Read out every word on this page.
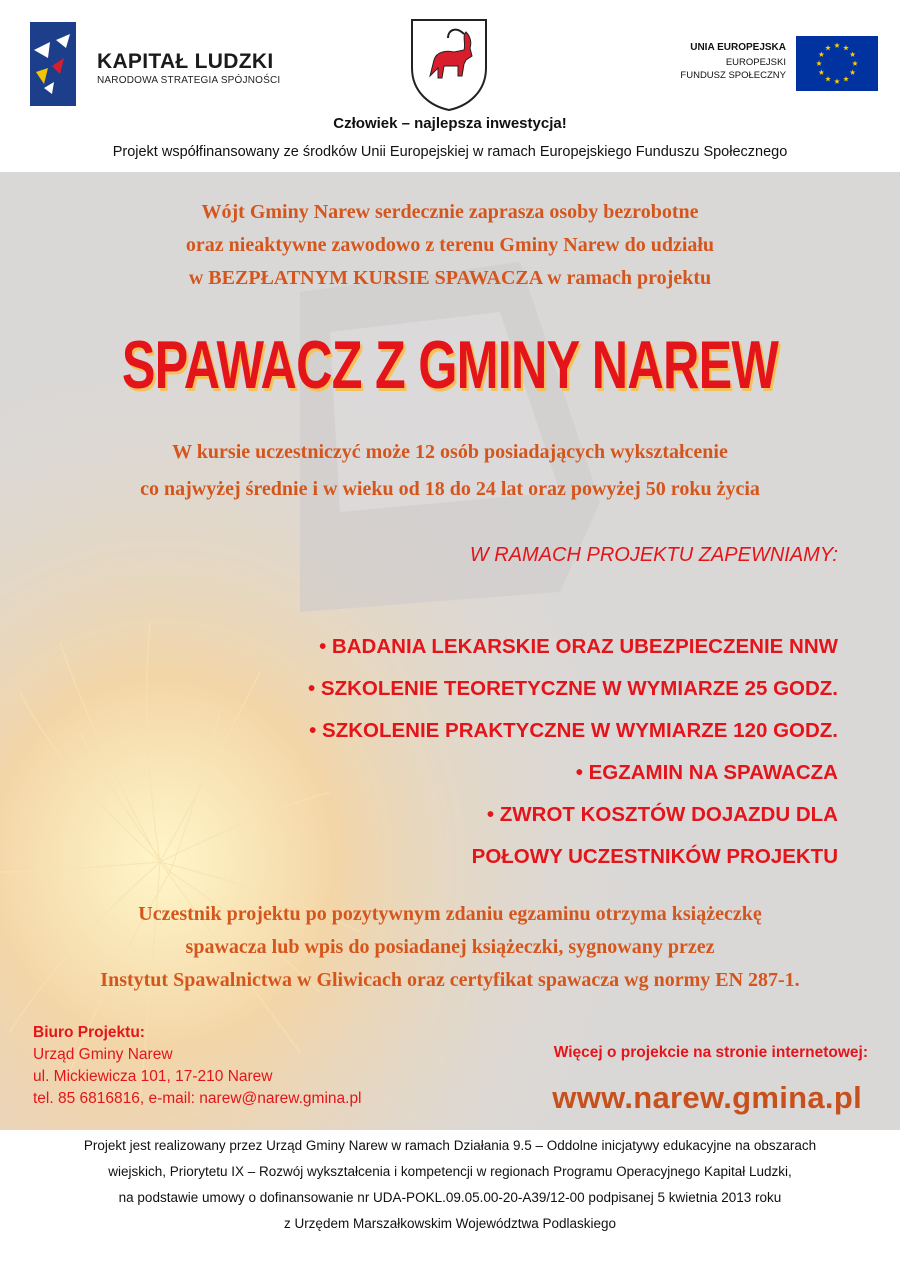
KAPITAŁ LUDZKI
NARODOWA STRATEGIA SPÓJNOŚCI
UNIA EUROPEJSKA
EUROPEJSKI
FUNDUSZ SPOŁECZNY
Człowiek – najlepsza inwestycja!
Projekt współfinansowany ze środków Unii Europejskiej w ramach Europejskiego Funduszu Społecznego
Wójt Gminy Narew serdecznie zaprasza osoby bezrobotne
oraz nieaktywne zawodowo z terenu Gminy Narew do udziału
w BEZPŁATNYM KURSIE SPAWACZA w ramach projektu
SPAWACZ Z GMINY NAREW
W kursie uczestniczyć może 12 osób posiadających wykształcenie
co najwyżej średnie i w wieku od 18 do 24 lat oraz powyżej 50 roku życia
W RAMACH PROJEKTU ZAPEWNIAMY:
• BADANIA LEKARSKIE ORAZ UBEZPIECZENIE NNW
• SZKOLENIE TEORETYCZNE W WYMIARZE 25 GODZ.
• SZKOLENIE PRAKTYCZNE W WYMIARZE 120 GODZ.
• EGZAMIN NA SPAWACZA
• ZWROT KOSZTÓW DOJAZDU DLA
POŁOWY UCZESTNIKÓW PROJEKTU
Uczestnik projektu po pozytywnym zdaniu egzaminu otrzyma książeczkę
spawacza lub wpis do posiadanej książeczki, sygnowany przez
Instytut Spawalnictwa w Gliwicach oraz certyfikat spawacza wg normy EN 287-1.
Biuro Projektu:
Urząd Gminy Narew
ul. Mickiewicza 101, 17-210 Narew
tel. 85 6816816, e-mail: narew@narew.gmina.pl
Więcej o projekcie na stronie internetowej:
www.narew.gmina.pl

Projekt jest realizowany przez Urząd Gminy Narew w ramach Działania 9.5 – Oddolne inicjatywy edukacyjne na obszarach

wiejskich, Priorytetu IX – Rozwój wykształcenia i kompetencji w regionach Programu Operacyjnego Kapitał Ludzki,

na podstawie umowy o dofinansowanie nr UDA-POKL.09.05.00-20-A39/12-00 podpisanej 5 kwietnia 2013 roku

z Urzędem Marszałkowskim Województwa Podlaskiego
